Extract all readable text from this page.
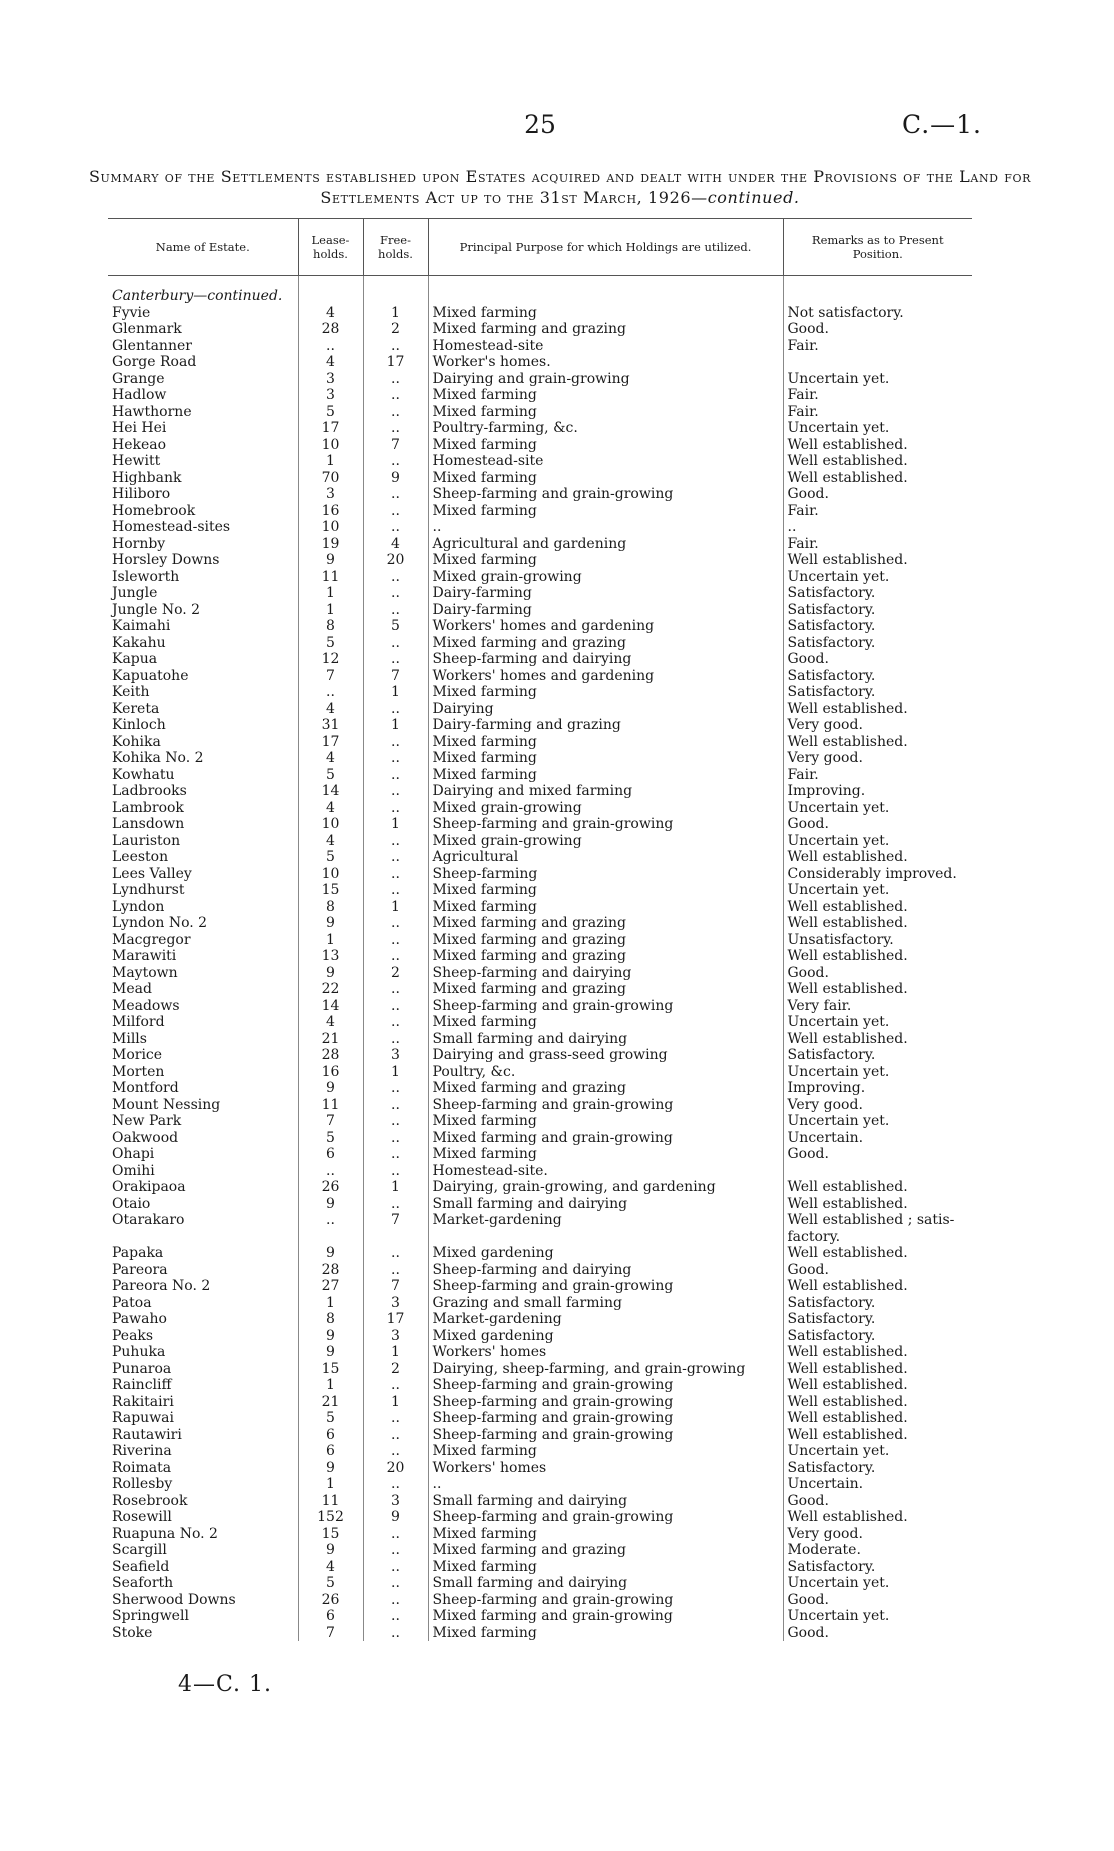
25	C.—1.
Summary of the Settlements established upon Estates acquired and dealt with under the Provisions of the Land for Settlements Act up to the 31st March, 1926—continued.
Name of Estate.	Lease-holds.	Free-holds.	Principal Purpose for which Holdings are utilized.	Remarks as to Present Position.

Canterbury—continued.				
Fyvie	4	1	Mixed farming	Not satisfactory.
Glenmark	28	2	Mixed farming and grazing	Good.
Glentanner	..	..	Homestead-site	Fair.
Gorge Road	4	17	Worker's homes.	
Grange	3	..	Dairying and grain-growing	Uncertain yet.
Hadlow	3	..	Mixed farming	Fair.
Hawthorne	5	..	Mixed farming	Fair.
Hei Hei	17	..	Poultry-farming, &c.	Uncertain yet.
Hekeao	10	7	Mixed farming	Well established.
Hewitt	1	..	Homestead-site	Well established.
Highbank	70	9	Mixed farming	Well established.
Hiliboro	3	..	Sheep-farming and grain-growing	Good.
Homebrook	16	..	Mixed farming	Fair.
Homestead-sites	10	..	..	..
Hornby	19	4	Agricultural and gardening	Fair.
Horsley Downs	9	20	Mixed farming	Well established.
Isleworth	11	..	Mixed grain-growing	Uncertain yet.
Jungle	1	..	Dairy-farming	Satisfactory.
Jungle No. 2	1	..	Dairy-farming	Satisfactory.
Kaimahi	8	5	Workers' homes and gardening	Satisfactory.
Kakahu	5	..	Mixed farming and grazing	Satisfactory.
Kapua	12	..	Sheep-farming and dairying	Good.
Kapuatohe	7	7	Workers' homes and gardening	Satisfactory.
Keith	..	1	Mixed farming	Satisfactory.
Kereta	4	..	Dairying	Well established.
Kinloch	31	1	Dairy-farming and grazing	Very good.
Kohika	17	..	Mixed farming	Well established.
Kohika No. 2	4	..	Mixed farming	Very good.
Kowhatu	5	..	Mixed farming	Fair.
Ladbrooks	14	..	Dairying and mixed farming	Improving.
Lambrook	4	..	Mixed grain-growing	Uncertain yet.
Lansdown	10	1	Sheep-farming and grain-growing	Good.
Lauriston	4	..	Mixed grain-growing	Uncertain yet.
Leeston	5	..	Agricultural	Well established.
Lees Valley	10	..	Sheep-farming	Considerably improved.
Lyndhurst	15	..	Mixed farming	Uncertain yet.
Lyndon	8	1	Mixed farming	Well established.
Lyndon No. 2	9	..	Mixed farming and grazing	Well established.
Macgregor	1	..	Mixed farming and grazing	Unsatisfactory.
Marawiti	13	..	Mixed farming and grazing	Well established.
Maytown	9	2	Sheep-farming and dairying	Good.
Mead	22	..	Mixed farming and grazing	Well established.
Meadows	14	..	Sheep-farming and grain-growing	Very fair.
Milford	4	..	Mixed farming	Uncertain yet.
Mills	21	..	Small farming and dairying	Well established.
Morice	28	3	Dairying and grass-seed growing	Satisfactory.
Morten	16	1	Poultry, &c.	Uncertain yet.
Montford	9	..	Mixed farming and grazing	Improving.
Mount Nessing	11	..	Sheep-farming and grain-growing	Very good.
New Park	7	..	Mixed farming	Uncertain yet.
Oakwood	5	..	Mixed farming and grain-growing	Uncertain.
Ohapi	6	..	Mixed farming	Good.
Omihi	..	..	Homestead-site.	
Orakipaoa	26	1	Dairying, grain-growing, and gardening	Well established.
Otaio	9	..	Small farming and dairying	Well established.
Otarakaro	..	7	Market-gardening	Well established ; satis-
				factory.
Papaka	9	..	Mixed gardening	Well established.
Pareora	28	..	Sheep-farming and dairying	Good.
Pareora No. 2	27	7	Sheep-farming and grain-growing	Well established.
Patoa	1	3	Grazing and small farming	Satisfactory.
Pawaho	8	17	Market-gardening	Satisfactory.
Peaks	9	3	Mixed gardening	Satisfactory.
Puhuka	9	1	Workers' homes	Well established.
Punaroa	15	2	Dairying, sheep-farming, and grain-growing	Well established.
Raincliff	1	..	Sheep-farming and grain-growing	Well established.
Rakitairi	21	1	Sheep-farming and grain-growing	Well established.
Rapuwai	5	..	Sheep-farming and grain-growing	Well established.
Rautawiri	6	..	Sheep-farming and grain-growing	Well established.
Riverina	6	..	Mixed farming	Uncertain yet.
Roimata	9	20	Workers' homes	Satisfactory.
Rollesby	1	..	..	Uncertain.
Rosebrook	11	3	Small farming and dairying	Good.
Rosewill	152	9	Sheep-farming and grain-growing	Well established.
Ruapuna No. 2	15	..	Mixed farming	Very good.
Scargill	9	..	Mixed farming and grazing	Moderate.
Seafield	4	..	Mixed farming	Satisfactory.
Seaforth	5	..	Small farming and dairying	Uncertain yet.
Sherwood Downs	26	..	Sheep-farming and grain-growing	Good.
Springwell	6	..	Mixed farming and grain-growing	Uncertain yet.
Stoke	7	..	Mixed farming	Good.
4—C. 1.
